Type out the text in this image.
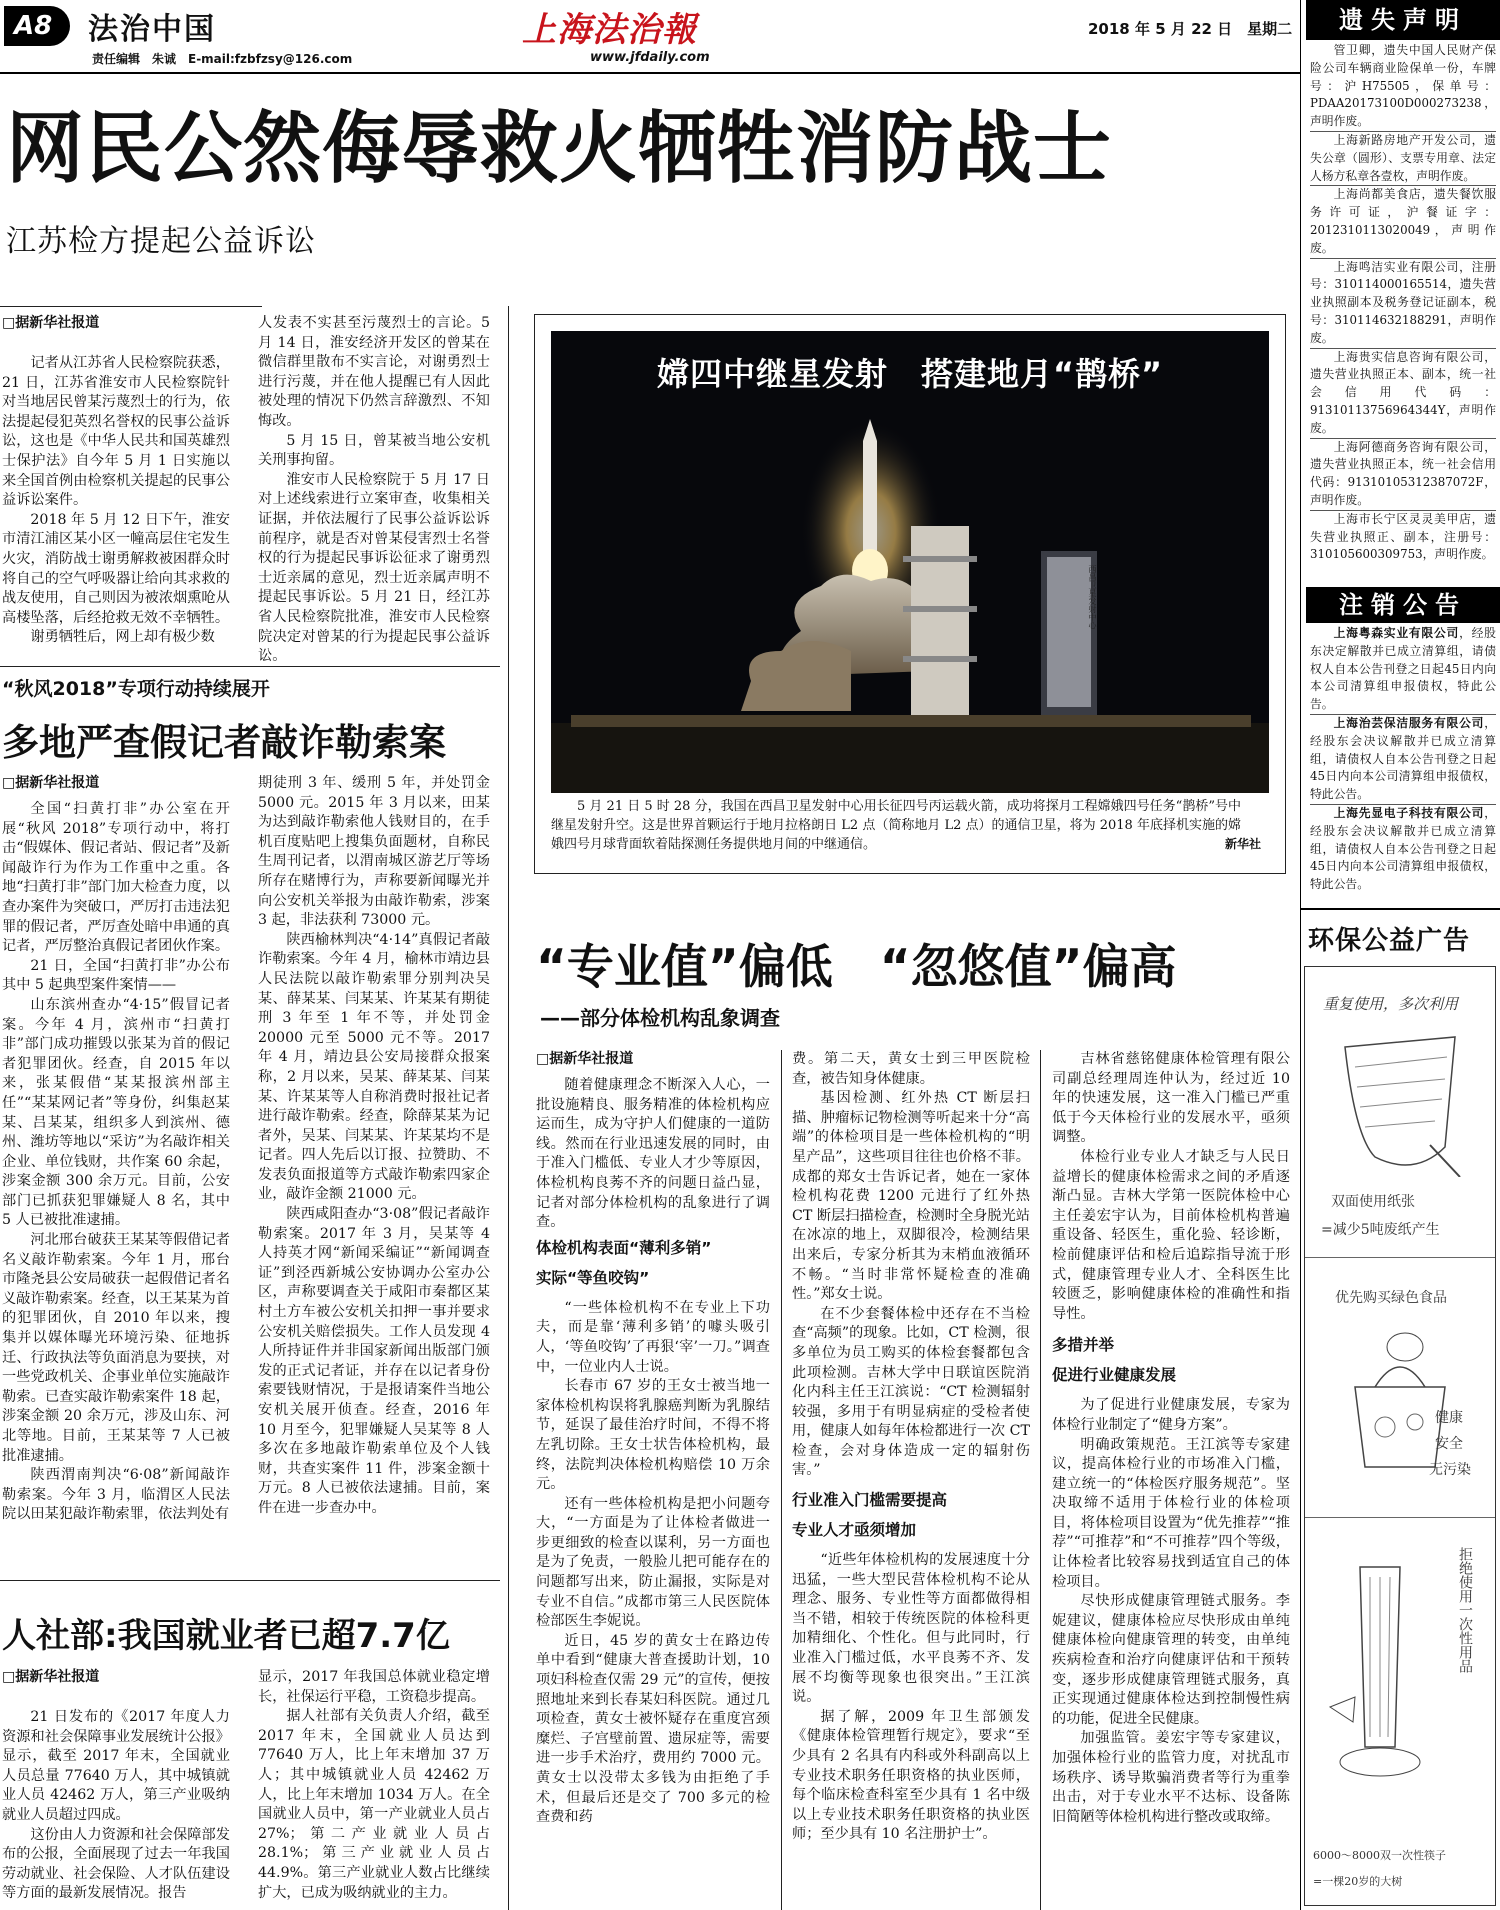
A8	法治中国
责任编辑　朱诚　E-mail:fzbfzsy@126.com
上海法治報
www.jfdaily.com
2018 年 5 月 22 日　星期二
网民公然侮辱救火牺牲消防战士
江苏检方提起公益诉讼
□据新华社报道

记者从江苏省人民检察院获悉，21 日，江苏省淮安市人民检察院针对当地居民曾某污蔑烈士的行为，依法提起侵犯英烈名誉权的民事公益诉讼，这也是《中华人民共和国英雄烈士保护法》自今年 5 月 1 日实施以来全国首例由检察机关提起的民事公益诉讼案件。

2018 年 5 月 12 日下午，淮安市清江浦区某小区一幢高层住宅发生火灾，消防战士谢勇解救被困群众时将自己的空气呼吸器让给向其求救的战友使用，自己则因为被浓烟熏呛从高楼坠落，后经抢救无效不幸牺牲。

谢勇牺牲后，网上却有极少数

人发表不实甚至污蔑烈士的言论。5 月 14 日，淮安经济开发区的曾某在微信群里散布不实言论，对谢勇烈士进行污蔑，并在他人提醒已有人因此被处理的情况下仍然言辞激烈、不知悔改。

5 月 15 日，曾某被当地公安机关刑事拘留。

淮安市人民检察院于 5 月 17 日对上述线索进行立案审查，收集相关证据，并依法履行了民事公益诉讼诉前程序，就是否对曾某侵害烈士名誉权的行为提起民事诉讼征求了谢勇烈士近亲属的意见，烈士近亲属声明不提起民事诉讼。5 月 21 日，经江苏省人民检察院批准，淮安市人民检察院决定对曾某的行为提起民事公益诉讼。

西昌卫星发射中心
嫦四中继星发射　搭建地月“鹊桥”

5 月 21 日 5 时 28 分，我国在西昌卫星发射中心用长征四号丙运载火箭，成功将探月工程嫦娥四号任务“鹊桥”号中继星发射升空。这是世界首颗运行于地月拉格朗日 L2 点（简称地月 L2 点）的通信卫星，将为 2018 年底择机实施的嫦娥四号月球背面软着陆探测任务提供地月间的中继通信。	新华社
“秋风2018”专项行动持续展开
多地严查假记者敲诈勒索案
□据新华社报道

全国“扫黄打非”办公室在开展“秋风 2018”专项行动中，将打击“假媒体、假记者站、假记者”及新闻敲诈行为作为工作重中之重。各地“扫黄打非”部门加大检查力度，以查办案件为突破口，严厉打击违法犯罪的假记者，严厉查处暗中串通的真记者，严厉整治真假记者团伙作案。

21 日，全国“扫黄打非”办公布其中 5 起典型案件案情——

山东滨州查办“4·15”假冒记者案。今年 4 月，滨州市“扫黄打非”部门成功摧毁以张某为首的假记者犯罪团伙。经查，自 2015 年以来，张某假借“某某报滨州部主任”“某某网记者”等身份，纠集赵某某、吕某某，组织多人到滨州、德州、潍坊等地以“采访”为名敲诈相关企业、单位钱财，共作案 60 余起，涉案金额 300 余万元。目前，公安部门已抓获犯罪嫌疑人 8 名，其中 5 人已被批准逮捕。

河北邢台破获王某某等假借记者名义敲诈勒索案。今年 1 月，邢台市隆尧县公安局破获一起假借记者名义敲诈勒索案。经查，以王某某为首的犯罪团伙，自 2010 年以来，搜集并以媒体曝光环境污染、征地拆迁、行政执法等负面消息为要挟，对一些党政机关、企事业单位实施敲诈勒索。已查实敲诈勒索案件 18 起，涉案金额 20 余万元，涉及山东、河北等地。目前，王某某等 7 人已被批准逮捕。

陕西渭南判决“6·08”新闻敲诈勒索案。今年 3 月，临渭区人民法院以田某犯敲诈勒索罪，依法判处有

期徒刑 3 年、缓刑 5 年，并处罚金 5000 元。2015 年 3 月以来，田某为达到敲诈勒索他人钱财目的，在手机百度贴吧上搜集负面题材，自称民生周刊记者，以渭南城区游艺厅等场所存在赌博行为，声称要新闻曝光并向公安机关举报为由敲诈勒索，涉案 3 起，非法获利 73000 元。

陕西榆林判决“4·14”真假记者敲诈勒索案。今年 4 月，榆林市靖边县人民法院以敲诈勒索罪分别判决吴某、薛某某、闫某某、许某某有期徒刑 3 年至 1 年不等，并处罚金 20000 元至 5000 元不等。2017 年 4 月，靖边县公安局接群众报案称，2 月以来，吴某、薛某某、闫某某、许某某等人自称消费时报社记者进行敲诈勒索。经查，除薛某某为记者外，吴某、闫某某、许某某均不是记者。四人先后以订报、拉赞助、不发表负面报道等方式敲诈勒索四家企业，敲诈金额 21000 元。

陕西咸阳查办“3·08”假记者敲诈勒索案。2017 年 3 月，吴某等 4 人持英才网“新闻采编证”“新闻调查证”到泾西新城公安协调办公室办公区，声称要调查关于咸阳市秦都区某村土方车被公安机关扣押一事并要求公安机关赔偿损失。工作人员发现 4 人所持证件并非国家新闻出版部门颁发的正式记者证，并存在以记者身份索要钱财情况，于是报请案件当地公安机关展开侦查。经查，2016 年 10 月至今，犯罪嫌疑人吴某等 8 人多次在多地敲诈勒索单位及个人钱财，共查实案件 11 件，涉案金额十万元。8 人已被依法逮捕。目前，案件在进一步查办中。

人社部:我国就业者已超7.7亿
□据新华社报道

21 日发布的《2017 年度人力资源和社会保障事业发展统计公报》显示，截至 2017 年末，全国就业人员总量 77640 万人，其中城镇就业人员 42462 万人，第三产业吸纳就业人员超过四成。

这份由人力资源和社会保障部发布的公报，全面展现了过去一年我国劳动就业、社会保险、人才队伍建设等方面的最新发展情况。报告

显示，2017 年我国总体就业稳定增长，社保运行平稳，工资稳步提高。

据人社部有关负责人介绍，截至 2017 年末，全国就业人员达到 77640 万人，比上年末增加 37 万人；其中城镇就业人员 42462 万人，比上年末增加 1034 万人。在全国就业人员中，第一产业就业人员占 27%；第二产业就业人员占 28.1%；第三产业就业人员占 44.9%。第三产业就业人数占比继续扩大，已成为吸纳就业的主力。

“专业值”偏低　“忽悠值”偏高
——部分体检机构乱象调查
□据新华社报道

随着健康理念不断深入人心，一批设施精良、服务精准的体检机构应运而生，成为守护人们健康的一道防线。然而在行业迅速发展的同时，由于准入门槛低、专业人才少等原因，体检机构良莠不齐的问题日益凸显，记者对部分体检机构的乱象进行了调查。

体检机构表面“薄利多销”
实际“等鱼咬钩”

“一些体检机构不在专业上下功夫，而是靠‘薄利多销’的噱头吸引人，‘等鱼咬钩’了再狠‘宰’一刀。”调查中，一位业内人士说。

长春市 67 岁的王女士被当地一家体检机构误将乳腺癌判断为乳腺结节，延误了最佳治疗时间，不得不将左乳切除。王女士状告体检机构，最终，法院判决体检机构赔偿 10 万余元。

还有一些体检机构是把小问题夸大，“一方面是为了让体检者做进一步更细致的检查以谋利，另一方面也是为了免责，一般脸儿把可能存在的问题都写出来，防止漏报，实际是对专业不自信。”成都市第三人民医院体检部医生李妮说。

近日，45 岁的黄女士在路边传单中看到“健康大普查援助计划，10 项妇科检查仅需 29 元”的宣传，便按照地址来到长春某妇科医院。通过几项检查，黄女士被怀疑存在重度宫颈糜烂、子宫壁前置、遗尿症等，需要进一步手术治疗，费用约 7000 元。黄女士以没带太多钱为由拒绝了手术，但最后还是交了 700 多元的检查费和药

费。第二天，黄女士到三甲医院检查，被告知身体健康。

基因检测、红外热 CT 断层扫描、肿瘤标记物检测等听起来十分“高端”的体检项目是一些体检机构的“明星产品”，这些项目往往也价格不菲。成都的郑女士告诉记者，她在一家体检机构花费 1200 元进行了红外热 CT 断层扫描检查，检测时全身脱光站在冰凉的地上，双脚很冷，检测结果出来后，专家分析其为末梢血液循环不畅。“当时非常怀疑检查的准确性。”郑女士说。

在不少套餐体检中还存在不当检查“高频”的现象。比如，CT 检测，很多单位为员工购买的体检套餐都包含此项检测。吉林大学中日联谊医院消化内科主任王江滨说：“CT 检测辐射较强，多用于有明显病症的受检者使用，健康人如每年体检都进行一次 CT 检查，会对身体造成一定的辐射伤害。”

行业准入门槛需要提高
专业人才亟须增加

“近些年体检机构的发展速度十分迅猛，一些大型民营体检机构不论从理念、服务、专业性等方面都做得相当不错，相较于传统医院的体检科更加精细化、个性化。但与此同时，行业准入门槛过低，水平良莠不齐、发展不均衡等现象也很突出。”王江滨说。

据了解，2009 年卫生部颁发《健康体检管理暂行规定》，要求“至少具有 2 名具有内科或外科副高以上专业技术职务任职资格的执业医师，每个临床检查科室至少具有 1 名中级以上专业技术职务任职资格的执业医师；至少具有 10 名注册护士”。

吉林省慈铭健康体检管理有限公司副总经理周连仲认为，经过近 10 年的快速发展，这一准入门槛已严重低于今天体检行业的发展水平，亟须调整。

体检行业专业人才缺乏与人民日益增长的健康体检需求之间的矛盾逐渐凸显。吉林大学第一医院体检中心主任姜宏宇认为，目前体检机构普遍重设备、轻医生，重化验、轻诊断，检前健康评估和检后追踪指导流于形式，健康管理专业人才、全科医生比较匮乏，影响健康体检的准确性和指导性。

多措并举
促进行业健康发展

为了促进行业健康发展，专家为体检行业制定了“健身方案”。

明确政策规范。王江滨等专家建议，提高体检行业的市场准入门槛，建立统一的“体检医疗服务规范”。坚决取缔不适用于体检行业的体检项目，将体检项目设置为“优先推荐”“推荐”“可推荐”和“不可推荐”四个等级，让体检者比较容易找到适宜自己的体检项目。

尽快形成健康管理链式服务。李妮建议，健康体检应尽快形成由单纯健康体检向健康管理的转变，由单纯疾病检查和治疗向健康评估和干预转变，逐步形成健康管理链式服务，真正实现通过健康体检达到控制慢性病的功能，促进全民健康。

加强监管。姜宏宇等专家建议，加强体检行业的监管力度，对扰乱市场秩序、诱导欺骗消费者等行为重拳出击，对于专业水平不达标、设备陈旧简陋等体检机构进行整改或取缔。

遗失声明

管卫卿，遗失中国人民财产保险公司车辆商业险保单一份，车牌号：沪H75505，保单号：PDAA20173100D000273238，声明作废。

上海新路房地产开发公司，遗失公章（圆形）、支票专用章、法定人杨方私章各壹枚，声明作废。

上海尚都美食店，遗失餐饮服务许可证，沪餐证字：2012310113020049，声明作废。

上海鸣洁实业有限公司，注册号：310114000165514，遗失营业执照副本及税务登记证副本，税号：310114632188291，声明作废。

上海贵实信息咨询有限公司，遗失营业执照正本、副本，统一社会信用代码：91310113756964344Y，声明作废。

上海阿德商务咨询有限公司，遗失营业执照正本，统一社会信用代码：91310105312387072F，声明作废。

上海市长宁区灵灵美甲店，遗失营业执照正、副本，注册号：310105600309753，声明作废。

注销公告

上海粤森实业有限公司，经股东决定解散并已成立清算组，请债权人自本公告刊登之日起45日内向本公司清算组申报债权，特此公告。

上海治芸保洁服务有限公司，经股东会决议解散并已成立清算组，请债权人自本公告刊登之日起45日内向本公司清算组申报债权，特此公告。

上海先显电子科技有限公司，经股东会决议解散并已成立清算组，请债权人自本公告刊登之日起45日内向本公司清算组申报债权，特此公告。

环保公益广告
重复使用，多次利用
双面使用纸张
=减少5吨废纸产生
优先购买绿色食品
健康
安全
无污染
拒绝使用一次性用品
6000～8000双一次性筷子
=一棵20岁的大树
